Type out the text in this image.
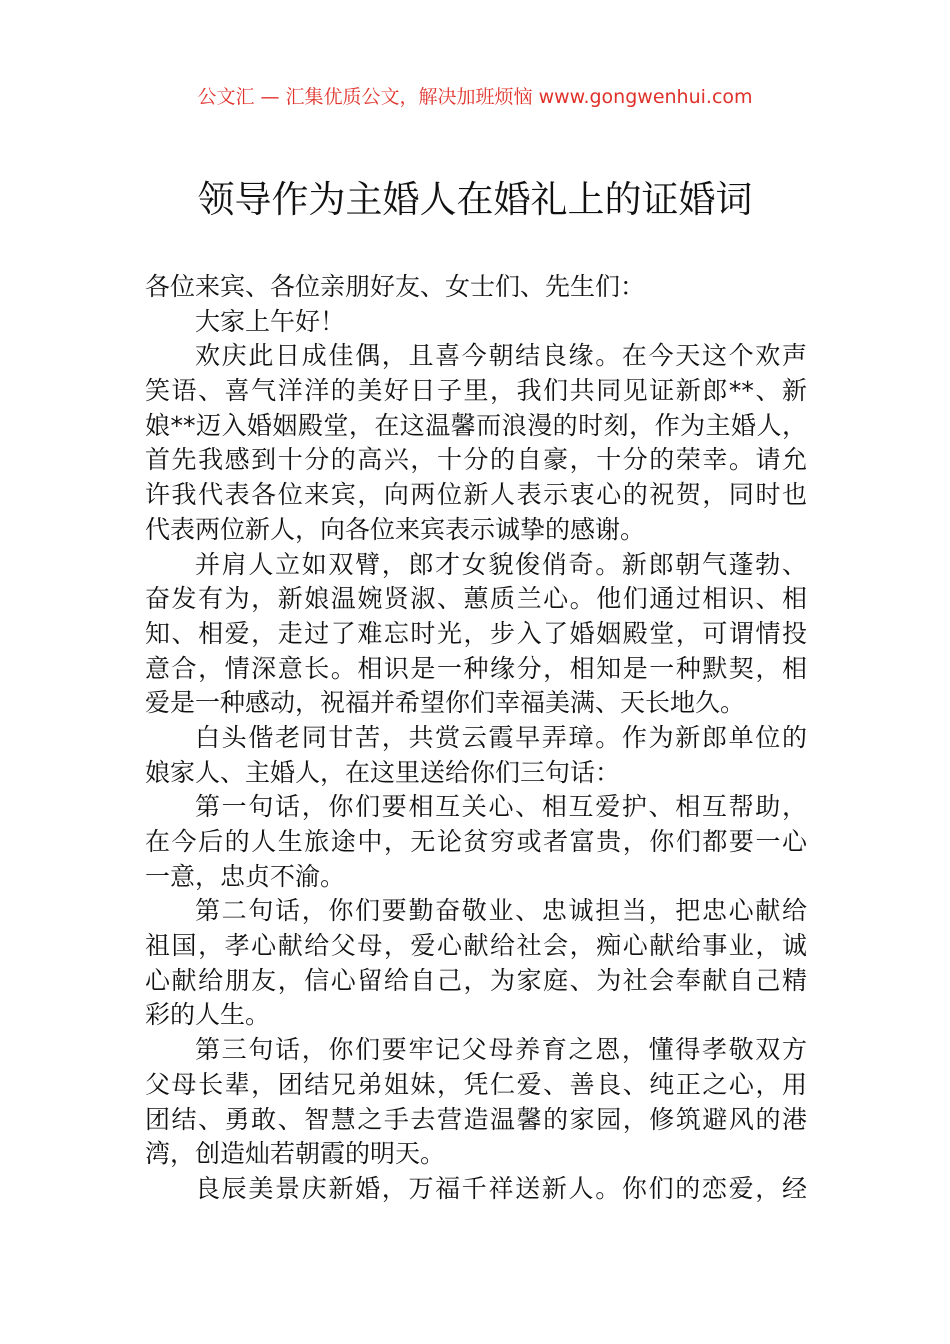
公文汇 — 汇集优质公文，解决加班烦恼 www.gongwenhui.com
领导作为主婚人在婚礼上的证婚词
各位来宾、各位亲朋好友、女士们、先生们：
大家上午好！
欢庆此日成佳偶，且喜今朝结良缘。在今天这个欢声
笑语、喜气洋洋的美好日子里，我们共同见证新郎**、新
娘**迈入婚姻殿堂，在这温馨而浪漫的时刻，作为主婚人，
首先我感到十分的高兴，十分的自豪，十分的荣幸。请允
许我代表各位来宾，向两位新人表示衷心的祝贺，同时也
代表两位新人，向各位来宾表示诚挚的感谢。
并肩人立如双臂，郎才女貌俊俏奇。新郎朝气蓬勃、
奋发有为，新娘温婉贤淑、蕙质兰心。他们通过相识、相
知、相爱，走过了难忘时光，步入了婚姻殿堂，可谓情投
意合，情深意长。相识是一种缘分，相知是一种默契，相
爱是一种感动，祝福并希望你们幸福美满、天长地久。
白头偕老同甘苦，共赏云霞早弄璋。作为新郎单位的
娘家人、主婚人，在这里送给你们三句话：
第一句话，你们要相互关心、相互爱护、相互帮助，
在今后的人生旅途中，无论贫穷或者富贵，你们都要一心
一意，忠贞不渝。
第二句话，你们要勤奋敬业、忠诚担当，把忠心献给
祖国，孝心献给父母，爱心献给社会，痴心献给事业，诚
心献给朋友，信心留给自己，为家庭、为社会奉献自己精
彩的人生。
第三句话，你们要牢记父母养育之恩，懂得孝敬双方
父母长辈，团结兄弟姐妹，凭仁爱、善良、纯正之心，用
团结、勇敢、智慧之手去营造温馨的家园，修筑避风的港
湾，创造灿若朝霞的明天。
良辰美景庆新婚，万福千祥送新人。你们的恋爱，经
